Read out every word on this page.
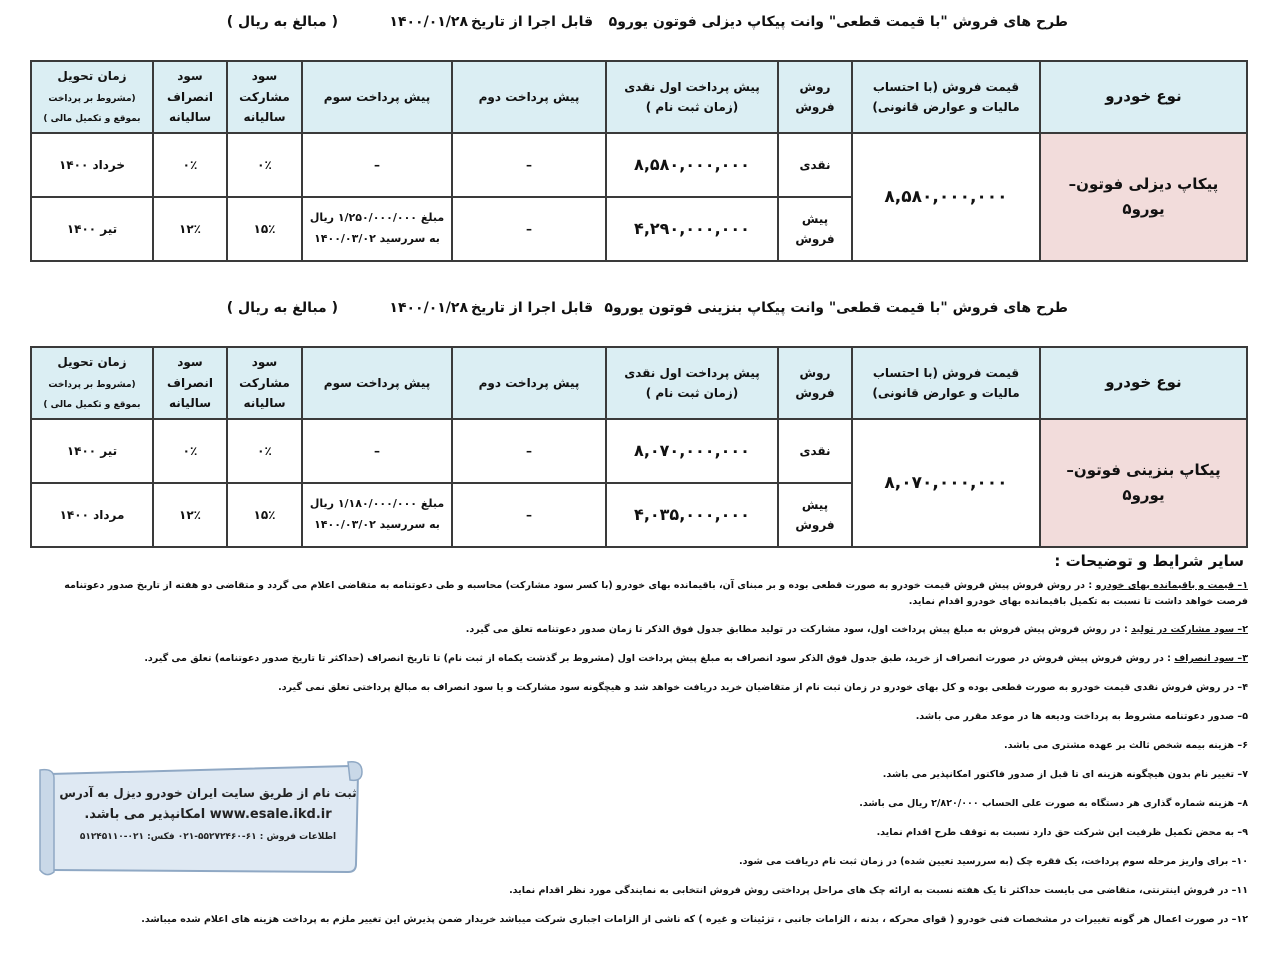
طرح های فروش "با قیمت قطعی" وانت پیکاپ دیزلی فوتون یورو۵
قابل اجرا از تاریخ
۱۴۰۰/۰۱/۲۸
( مبالغ به ریال )
نوع خودرو	قیمت فروش (با احتساب مالیات و عوارض قانونی)	روش فروش	پیش پرداخت اول نقدی (زمان ثبت نام )	پیش پرداخت دوم	پیش پرداخت سوم	سود مشارکت سالیانه	سود انصراف سالیانه	زمان تحویل (مشروط بر پرداخت بموقع و تکمیل مالی )
پیکاپ دیزلی فوتون– یورو۵	۸,۵۸۰,۰۰۰,۰۰۰	نقدی	۸,۵۸۰,۰۰۰,۰۰۰	–	–	۰٪	۰٪	خرداد ۱۴۰۰
		پیش فروش	۴,۲۹۰,۰۰۰,۰۰۰	–	مبلغ ۱/۲۵۰/۰۰۰/۰۰۰ ریال به سررسید ۱۴۰۰/۰۳/۰۲	۱۵٪	۱۲٪	تیر ۱۴۰۰
طرح های فروش "با قیمت قطعی" وانت پیکاپ بنزینی فوتون یورو۵
قابل اجرا از تاریخ
۱۴۰۰/۰۱/۲۸
( مبالغ به ریال )
نوع خودرو	قیمت فروش (با احتساب مالیات و عوارض قانونی)	روش فروش	پیش پرداخت اول نقدی (زمان ثبت نام )	پیش پرداخت دوم	پیش پرداخت سوم	سود مشارکت سالیانه	سود انصراف سالیانه	زمان تحویل (مشروط بر پرداخت بموقع و تکمیل مالی )
پیکاپ بنزینی فوتون– یورو۵	۸,۰۷۰,۰۰۰,۰۰۰	نقدی	۸,۰۷۰,۰۰۰,۰۰۰	–	–	۰٪	۰٪	تیر ۱۴۰۰
		پیش فروش	۴,۰۳۵,۰۰۰,۰۰۰	–	مبلغ ۱/۱۸۰/۰۰۰/۰۰۰ ریال به سررسید ۱۴۰۰/۰۳/۰۲	۱۵٪	۱۲٪	مرداد ۱۴۰۰
سایر شرایط و توضیحات :
۱– قیمت و باقیمانده بهای خودرو : در روش فروش پیش فروش قیمت خودرو به صورت قطعی بوده و بر مبنای آن، باقیمانده بهای خودرو (با کسر سود مشارکت) محاسبه و طی دعوتنامه به متقاضی اعلام می گردد و متقاضی دو هفته از تاریخ صدور دعوتنامه فرصت خواهد داشت تا نسبت به تکمیل باقیمانده بهای خودرو اقدام نماید.
۲– سود مشارکت در تولید : در روش فروش پیش فروش به مبلغ پیش پرداخت اول، سود مشارکت در تولید مطابق جدول فوق الذکر تا زمان صدور دعوتنامه تعلق می گیرد.
۳– سود انصراف : در روش فروش پیش فروش در صورت انصراف از خرید، طبق جدول فوق الذکر سود انصراف به مبلغ پیش پرداخت اول (مشروط بر گذشت یکماه از ثبت نام) تا تاریخ انصراف (حداکثر تا تاریخ صدور دعوتنامه) تعلق می گیرد.
۴– در روش فروش نقدی قیمت خودرو به صورت قطعی بوده و کل بهای خودرو در زمان ثبت نام از متقاضیان خرید دریافت خواهد شد و هیچگونه سود مشارکت و یا سود انصراف به مبالغ پرداختی تعلق نمی گیرد.
۵– صدور دعوتنامه مشروط به پرداخت ودیعه ها در موعد مقرر می باشد.
۶– هزینه بیمه شخص ثالث بر عهده مشتری می باشد.
۷– تغییر نام بدون هیچگونه هزینه ای تا قبل از صدور فاکتور امکانپذیر می باشد.
۸– هزینه شماره گذاری هر دستگاه به صورت علی الحساب ۲/۸۲۰/۰۰۰ ریال می باشد.
۹– به محض تکمیل ظرفیت این شرکت حق دارد نسبت به توقف طرح اقدام نماید.
۱۰– برای واریز مرحله سوم پرداخت، یک فقره چک (به سررسید تعیین شده) در زمان ثبت نام دریافت می شود.
۱۱– در فروش اینترنتی، متقاضی می بایست حداکثر تا یک هفته نسبت به ارائه چک های مراحل پرداختی روش فروش انتخابی به نمایندگی مورد نظر اقدام نماید.
۱۲– در صورت اعمال هر گونه تغییرات در مشخصات فنی خودرو ( قوای محرکه ، بدنه ، الزامات جانبی ، تزئینات و غیره ) که ناشی از الزامات اجباری شرکت میباشد خریدار ضمن پذیرش این تغییر ملزم به پرداخت هزینه های اعلام شده میباشد.
ثبت نام از طریق سایت ایران خودرو دیزل به آدرس
www.esale.ikd.ir امکانپذیر می باشد.
اطلاعات فروش : ۶۱-۵۵۲۷۲۴۶۰-۰۲۱ فکس: ۰۲۱-۵۱۲۴۵۱۱۰
